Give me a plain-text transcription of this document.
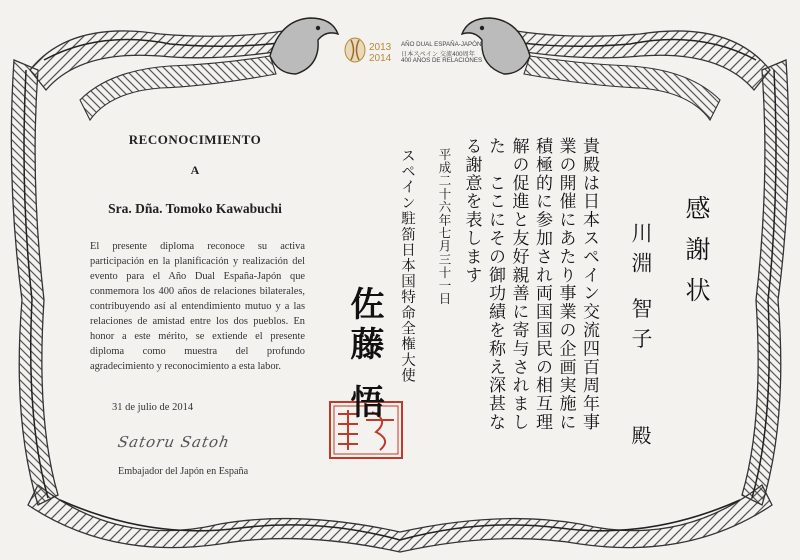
2013
2014
AÑO DUAL ESPAÑA-JAPÓN
日本スペイン 交流400周年
400 AÑOS DE RELACIONES
RECONOCIMIENTO
A
Sra. Dña. Tomoko Kawabuchi
El presente diploma reconoce su activa participación en la planificación y realización del evento para el Año Dual España-Japón que conmemora los 400 años de relaciones bilaterales, contribuyendo así al entendimiento mutuo y a las relaciones de amistad entre los dos pueblos. En honor a este mérito, se extiende el presente diploma como muestra del profundo agradecimiento y reconocimiento a esta labor.
31 de julio de 2014
Satoru Satoh
Embajador del Japón en España
感謝状
川淵 智子
殿
貴殿は日本スペイン交流四百周年事業の開催にあたり事業の企画実施に積極的に参加され両国国民の相互理解の促進と友好親善に寄与されました　ここにその御功績を称え深甚なる謝意を表します
平成二十六年七月三十一日
スペイン駐箚日本国特命全権大使
佐藤 悟
